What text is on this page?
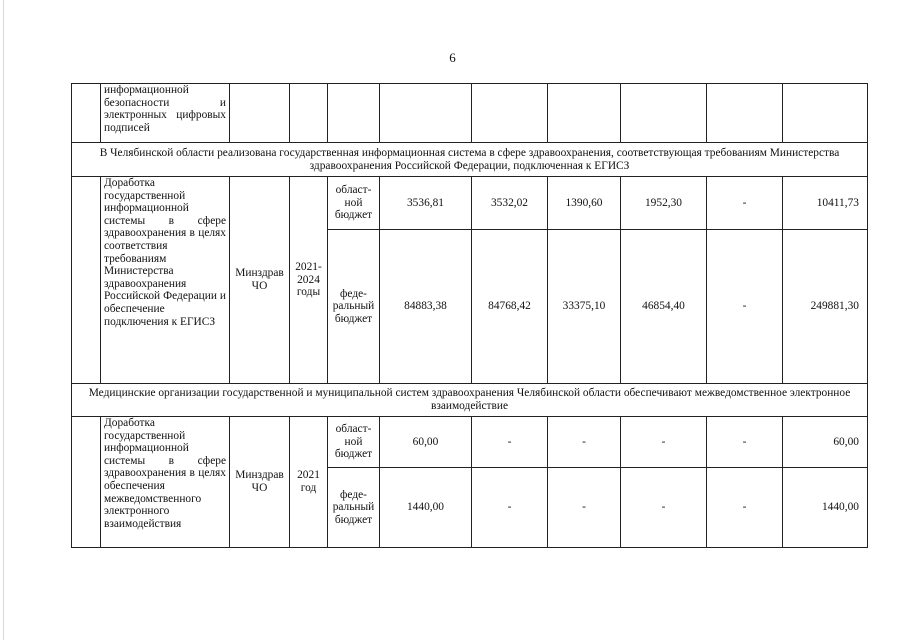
6
	информационной безопасности и электронных цифровых подписей									
В Челябинской области реализована государственная информационная система в сфере здравоохранения, соответствующая требованиям Министерства здравоохранения Российской Федерации, подключенная к ЕГИСЗ										
	Доработка государственной информационной системы в сфере здравоохранения в целях соответствия требованиям Министерства здравоохранения Российской Федерации и обеспечение подключения к ЕГИСЗ	Минздрав ЧО	2021-2024 годы	област-ной бюджет	3536,81	3532,02	1390,60	1952,30	-	10411,73
				феде-ральный бюджет	84883,38	84768,42	33375,10	46854,40	-	249881,30
Медицинские организации государственной и муниципальной систем здравоохранения Челябинской области обеспечивают межведомственное электронное взаимодействие										
	Доработка государственной информационной системы в сфере здравоохранения в целях обеспечения межведомственного электронного взаимодействия	Минздрав ЧО	2021 год	област-ной бюджет	60,00	-	-	-	-	60,00
				феде-ральный бюджет	1440,00	-	-	-	-	1440,00
